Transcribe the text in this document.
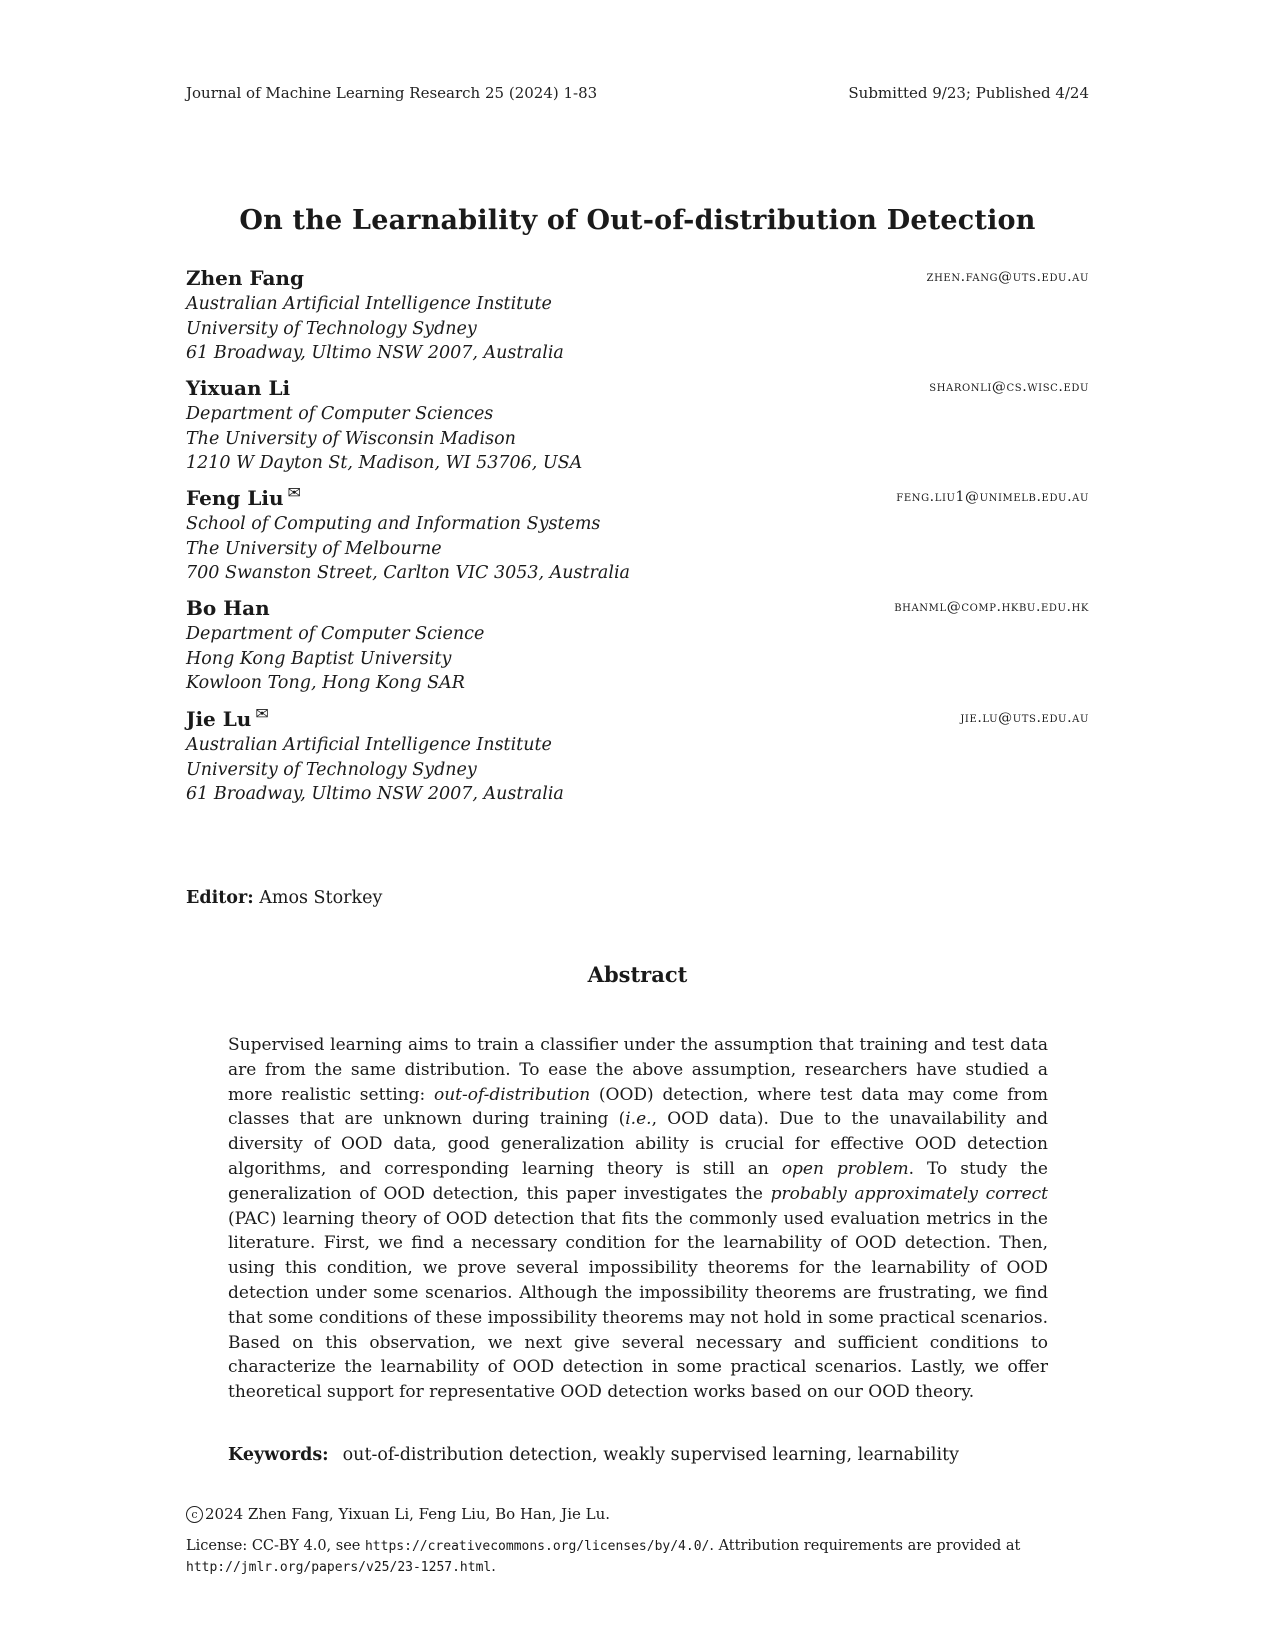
Journal of Machine Learning Research 25 (2024) 1-83	Submitted 9/23; Published 4/24
On the Learnability of Out-of-distribution Detection
Zhen Fang	zhen.fang@uts.edu.au
Australian Artificial Intelligence Institute
University of Technology Sydney
61 Broadway, Ultimo NSW 2007, Australia
Yixuan Li	sharonli@cs.wisc.edu
Department of Computer Sciences
The University of Wisconsin Madison
1210 W Dayton St, Madison, WI 53706, USA
Feng Liu ✉	feng.liu1@unimelb.edu.au
School of Computing and Information Systems
The University of Melbourne
700 Swanston Street, Carlton VIC 3053, Australia
Bo Han	bhanml@comp.hkbu.edu.hk
Department of Computer Science
Hong Kong Baptist University
Kowloon Tong, Hong Kong SAR
Jie Lu ✉	jie.lu@uts.edu.au
Australian Artificial Intelligence Institute
University of Technology Sydney
61 Broadway, Ultimo NSW 2007, Australia
Editor: Amos Storkey
Abstract
Supervised learning aims to train a classifier under the assumption that training and test data are from the same distribution. To ease the above assumption, researchers have studied a more realistic setting: out-of-distribution (OOD) detection, where test data may come from classes that are unknown during training (i.e., OOD data). Due to the unavailability and diversity of OOD data, good generalization ability is crucial for effective OOD detection algorithms, and corresponding learning theory is still an open problem. To study the generalization of OOD detection, this paper investigates the probably approximately correct (PAC) learning theory of OOD detection that fits the commonly used evaluation metrics in the literature. First, we find a necessary condition for the learnability of OOD detection. Then, using this condition, we prove several impossibility theorems for the learnability of OOD detection under some scenarios. Although the impossibility theorems are frustrating, we find that some conditions of these impossibility theorems may not hold in some practical scenarios. Based on this observation, we next give several necessary and sufficient conditions to characterize the learnability of OOD detection in some practical scenarios. Lastly, we offer theoretical support for representative OOD detection works based on our OOD theory.
Keywords: out-of-distribution detection, weakly supervised learning, learnability
c 2024 Zhen Fang, Yixuan Li, Feng Liu, Bo Han, Jie Lu.
License: CC-BY 4.0, see https://creativecommons.org/licenses/by/4.0/. Attribution requirements are provided at http://jmlr.org/papers/v25/23-1257.html.
